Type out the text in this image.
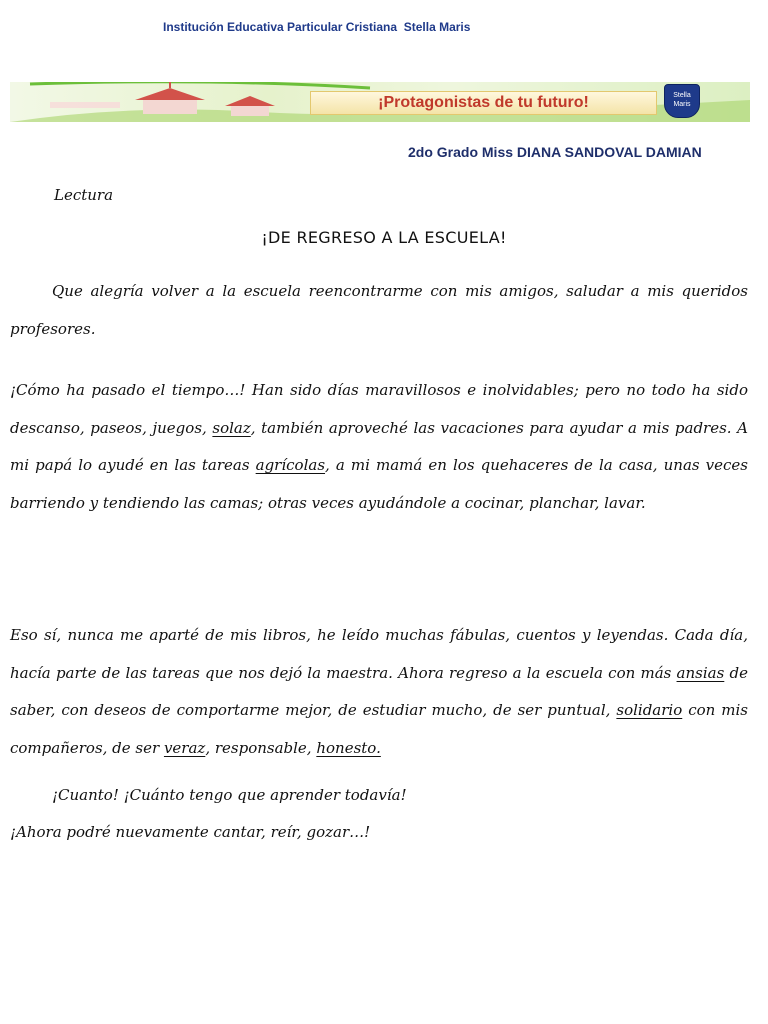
Institución Educativa Particular Cristiana  Stella Maris
¡Protagonistas de tu futuro!	Stella Maris
2do Grado Miss DIANA SANDOVAL DAMIAN
Lectura
¡DE REGRESO A LA ESCUELA!
Que alegría volver a la escuela reencontrarme con mis amigos, saludar a mis queridos profesores.
¡Cómo ha pasado el tiempo…! Han sido días maravillosos e inolvidables; pero no todo ha sido descanso, paseos, juegos, solaz, también aproveché las vacaciones para ayudar a mis padres. A mi papá lo ayudé en las tareas agrícolas, a mi mamá en los quehaceres de la casa, unas veces barriendo y tendiendo las camas; otras veces ayudándole a cocinar, planchar, lavar.
Eso sí, nunca me aparté de mis libros, he leído muchas fábulas, cuentos y leyendas. Cada día, hacía parte de las tareas que nos dejó la maestra. Ahora regreso a la escuela con más ansias de saber, con deseos de comportarme mejor, de estudiar mucho, de ser puntual, solidario con mis compañeros, de ser veraz, responsable, honesto.
¡Cuanto! ¡Cuánto tengo que aprender todavía!
¡Ahora podré nuevamente cantar, reír, gozar…!
